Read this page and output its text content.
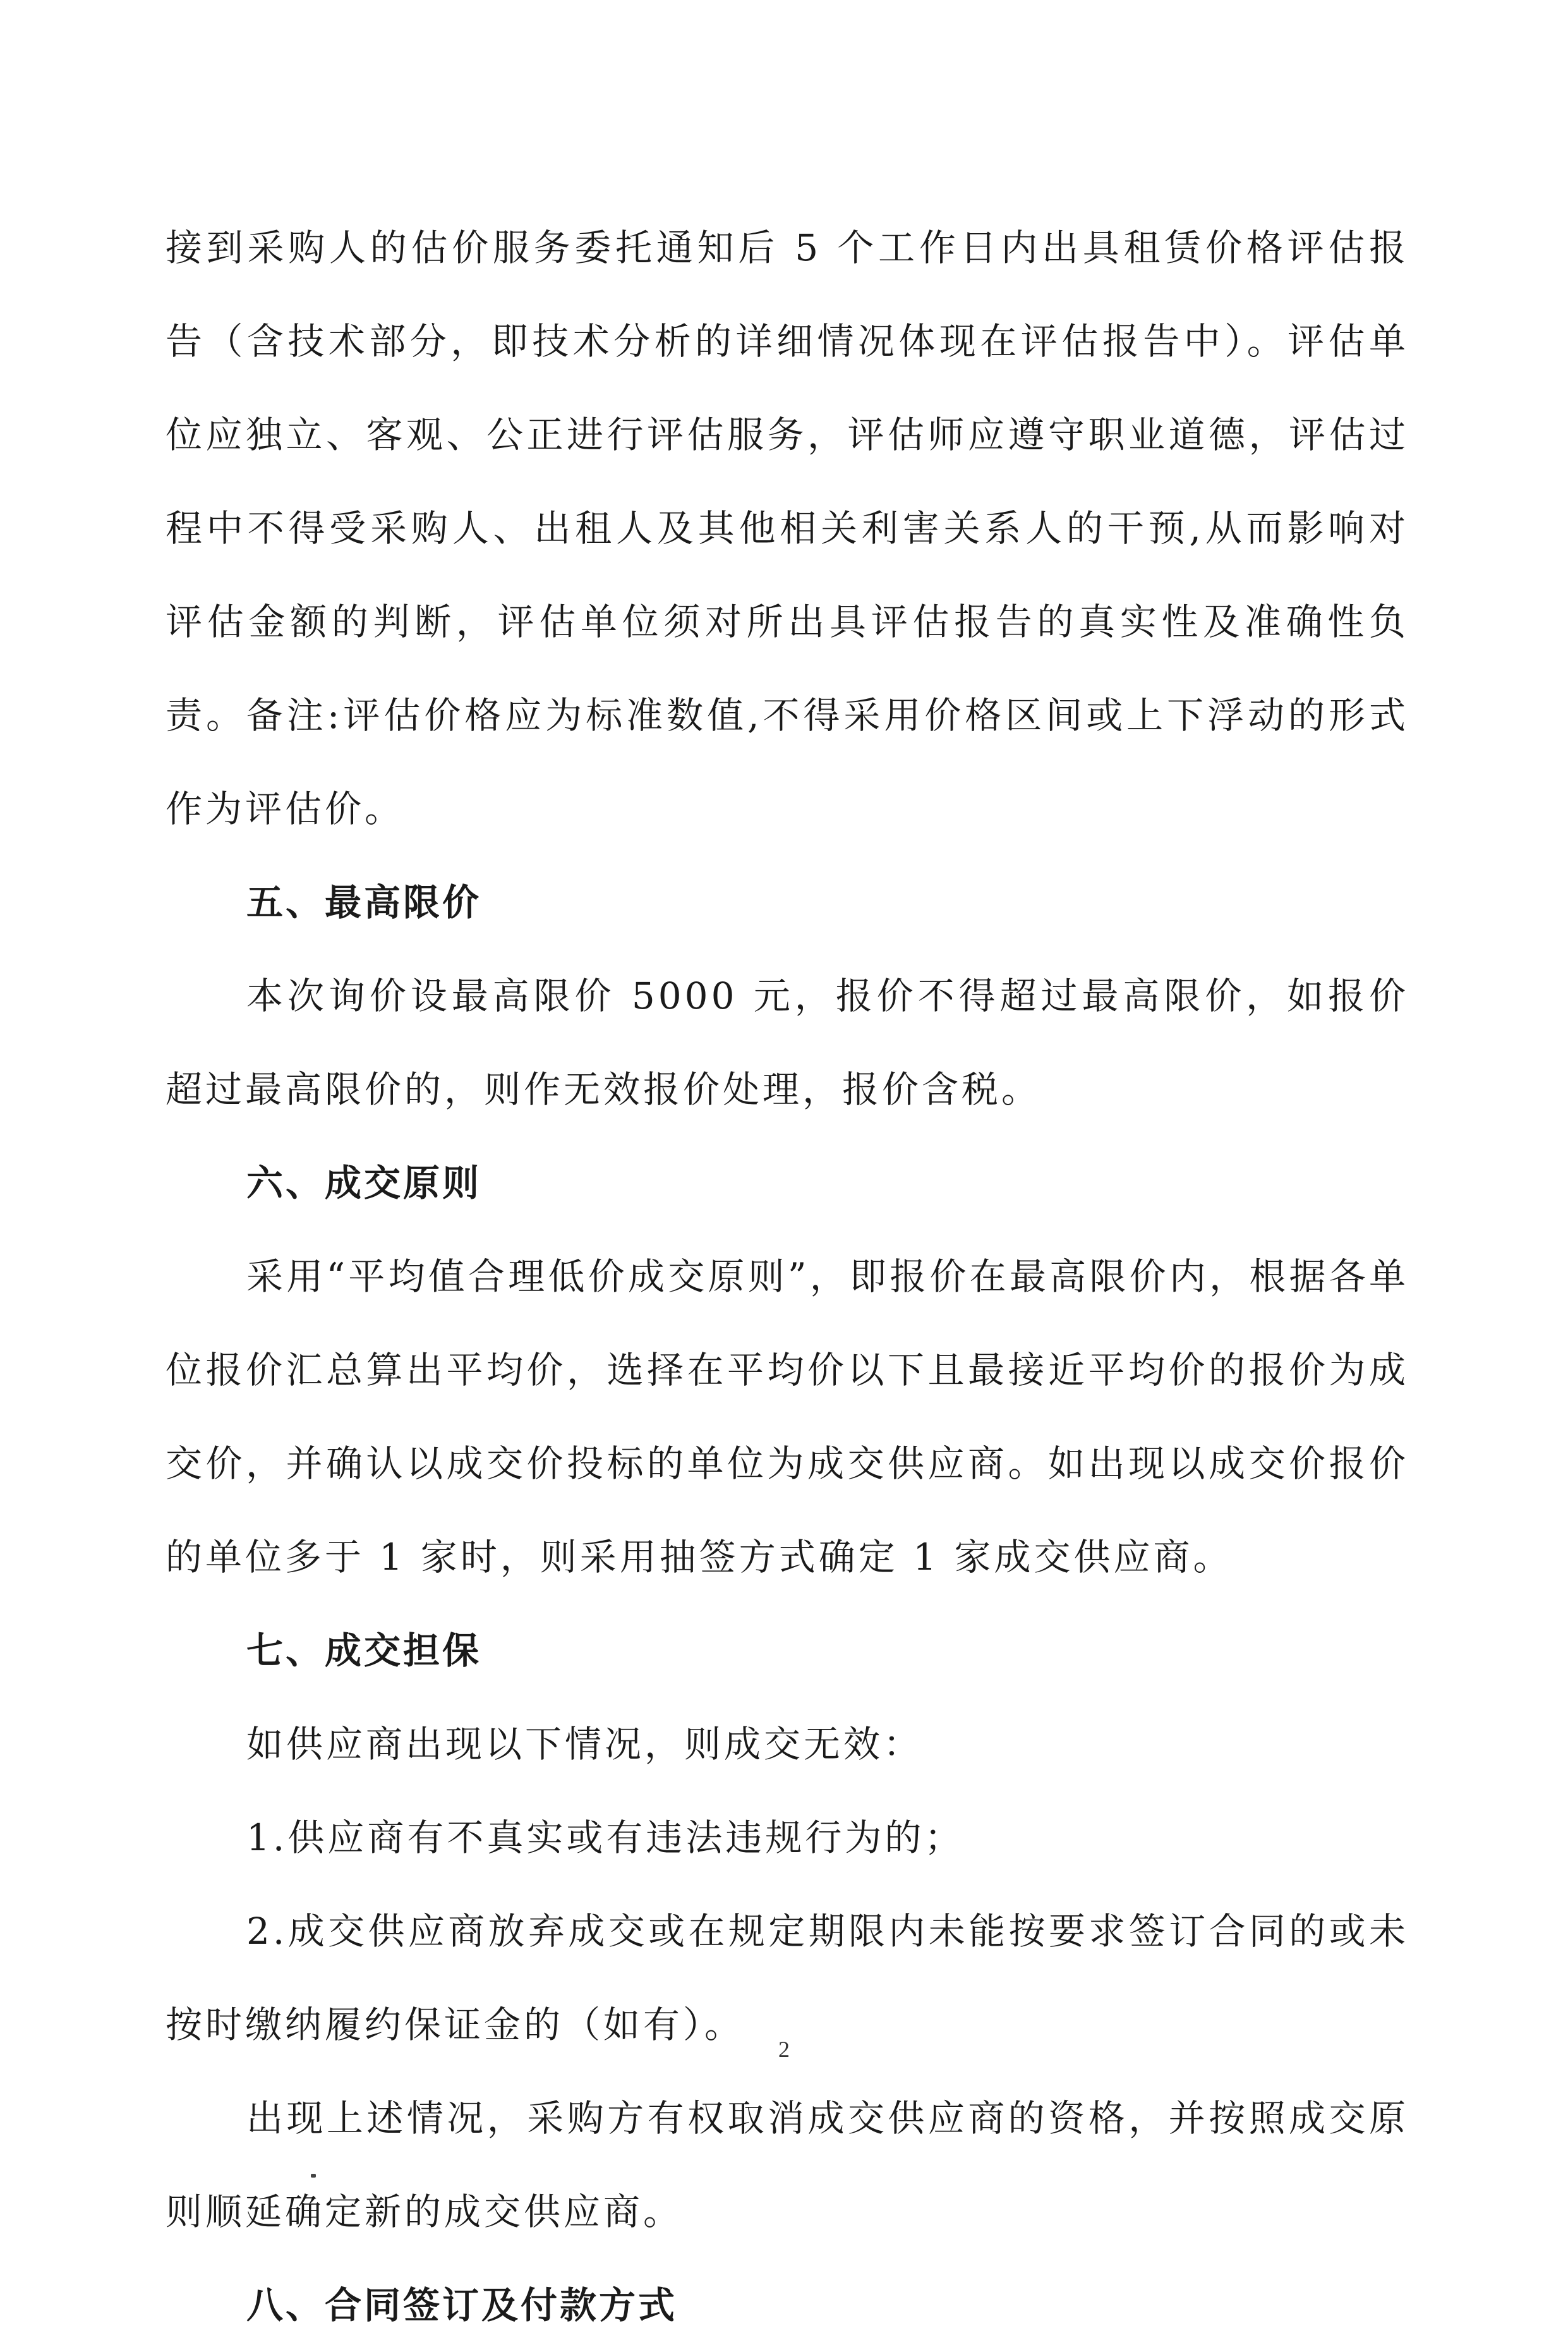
接到采购人的估价服务委托通知后 5 个工作日内出具租赁价格评估报告（含技术部分，即技术分析的详细情况体现在评估报告中）。评估单位应独立、客观、公正进行评估服务，评估师应遵守职业道德，评估过程中不得受采购人、出租人及其他相关利害关系人的干预,从而影响对评估金额的判断，评估单位须对所出具评估报告的真实性及准确性负责。备注:评估价格应为标准数值,不得采用价格区间或上下浮动的形式作为评估价。

五、最高限价

本次询价设最高限价 5000 元，报价不得超过最高限价，如报价超过最高限价的，则作无效报价处理，报价含税。

六、成交原则

采用“平均值合理低价成交原则”，即报价在最高限价内，根据各单位报价汇总算出平均价，选择在平均价以下且最接近平均价的报价为成交价，并确认以成交价投标的单位为成交供应商。如出现以成交价报价的单位多于 1 家时，则采用抽签方式确定 1 家成交供应商。

七、成交担保

如供应商出现以下情况，则成交无效：

1.供应商有不真实或有违法违规行为的；

2.成交供应商放弃成交或在规定期限内未能按要求签订合同的或未按时缴纳履约保证金的（如有）。

出现上述情况，采购方有权取消成交供应商的资格，并按照成交原则顺延确定新的成交供应商。

八、合同签订及付款方式
2
